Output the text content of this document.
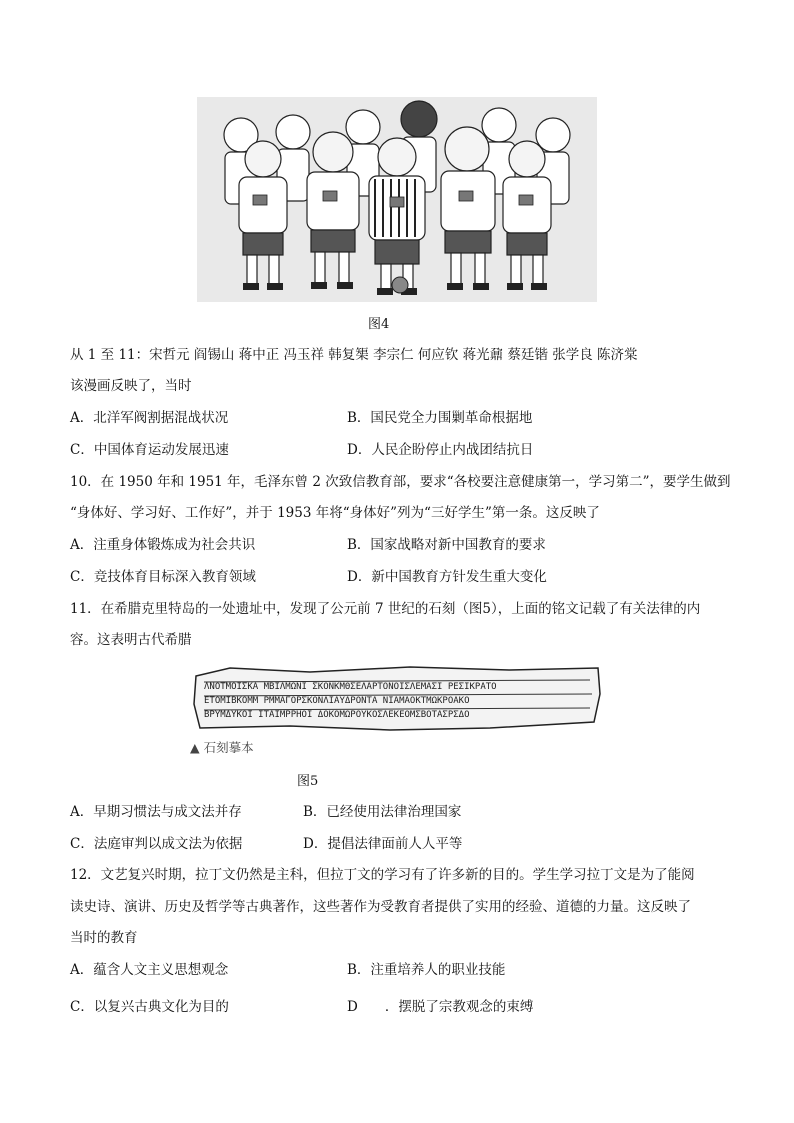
图4
从 1 至 11：宋哲元 阎锡山 蒋中正 冯玉祥 韩复榘 李宗仁 何应钦 蒋光鼐 蔡廷锴 张学良 陈济棠
该漫画反映了，当时
A．北洋军阀割据混战状况	B．国民党全力围剿革命根据地
C．中国体育运动发展迅速	D．人民企盼停止内战团结抗日
10．在 1950 年和 1951 年，毛泽东曾 2 次致信教育部，要求“各校要注意健康第一，学习第二”，要学生做到
“身体好、学习好、工作好”，并于 1953 年将“身体好”列为“三好学生”第一条。这反映了
A．注重身体锻炼成为社会共识	B．国家战略对新中国教育的要求
C．竞技体育目标深入教育领域	D．新中国教育方针发生重大变化
11．在希腊克里特岛的一处遗址中，发现了公元前 7 世纪的石刻（图5），上面的铭文记载了有关法律的内
容。这表明古代希腊
ΛΝΟΤΜΟΙΣΚΑ ΜΒΙΛΜΩΝΙ ΣΚΟΝΚΜΘΣΕΛΑΡΤΟΝΟΙΣΛΕΜΑΣΙ ΡΕΣΙΚΡΑΤΟ
ΕΤΟΜΙΒΚΟΜΜ ΡΜΜΑΓΟΡΣΚΟΝΛΙΑΥΔΡΟΝΤΑ ΝΙΑΜΑΟΚΤΜΩΚΡΟΑΚΟ
ΒΡΥΜΔΥΚΟΙ ΙΤΑΙΜΡΡΗΟΙ ΔΟΚΟΜΩΡΟΥΚΟΣΛΕΚΕΟΜΣΒΟΤΑΣΡΣΔΟ
▲ 石刻摹本
图5
A．早期习惯法与成文法并存	B．已经使用法律治理国家
C．法庭审判以成文法为依据	D．提倡法律面前人人平等
12．文艺复兴时期，拉丁文仍然是主科，但拉丁文的学习有了许多新的目的。学生学习拉丁文是为了能阅
读史诗、演讲、历史及哲学等古典著作，这些著作为受教育者提供了实用的经验、道德的力量。这反映了
当时的教育
A．蕴含人文主义思想观念	B．注重培养人的职业技能
C．以复兴古典文化为目的	D　　．摆脱了宗教观念的束缚
